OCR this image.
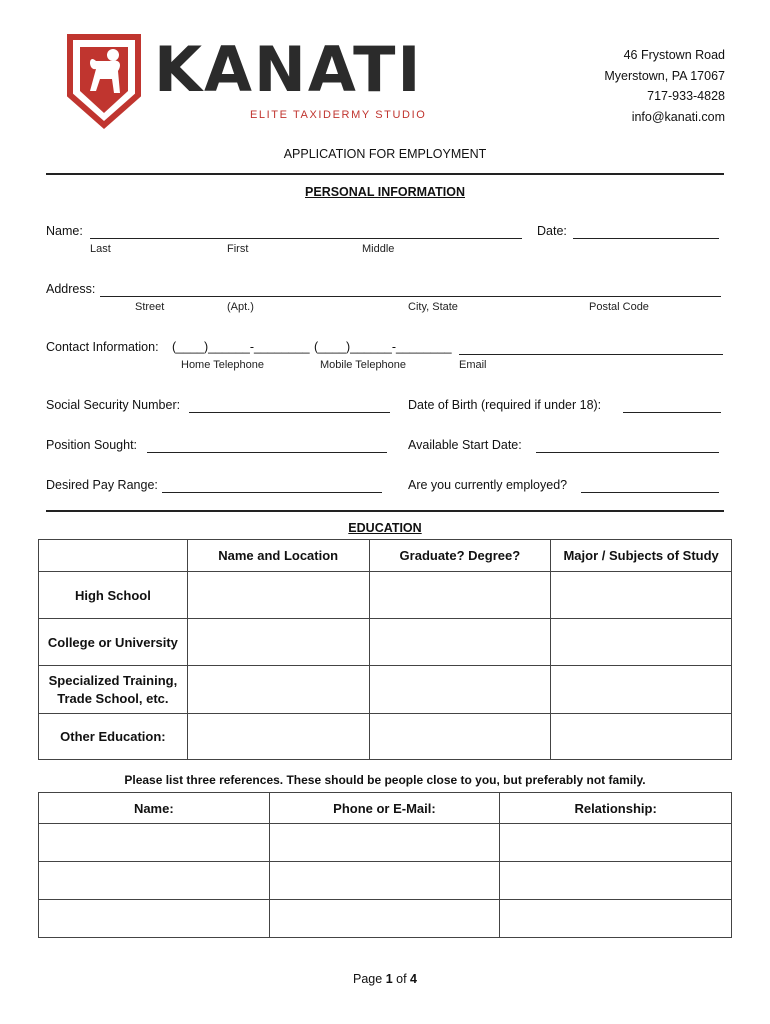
KANATI
ELITE TAXIDERMY STUDIO
46 Frystown Road
Myerstown, PA 17067
717-933-4828
info@kanati.com
APPLICATION FOR EMPLOYMENT
PERSONAL INFORMATION
Name:	Date:
Last	First	Middle
Address:
Street	(Apt.)	City, State	Postal Code
Contact Information: (____)______-________ (____)______-________
Home Telephone	Mobile Telephone	Email
Social Security Number:	Date of Birth (required if under 18):
Position Sought:	Available Start Date:
Desired Pay Range:	Are you currently employed?
EDUCATION
	Name and Location	Graduate? Degree?	Major / Subjects of Study
High School			
College or University			

Specialized Training,
Trade School, etc.			

Other Education:			
Please list three references. These should be people close to you, but preferably not family.
Name:	Phone or E-Mail:	Relationship:

Page 1 of 4
